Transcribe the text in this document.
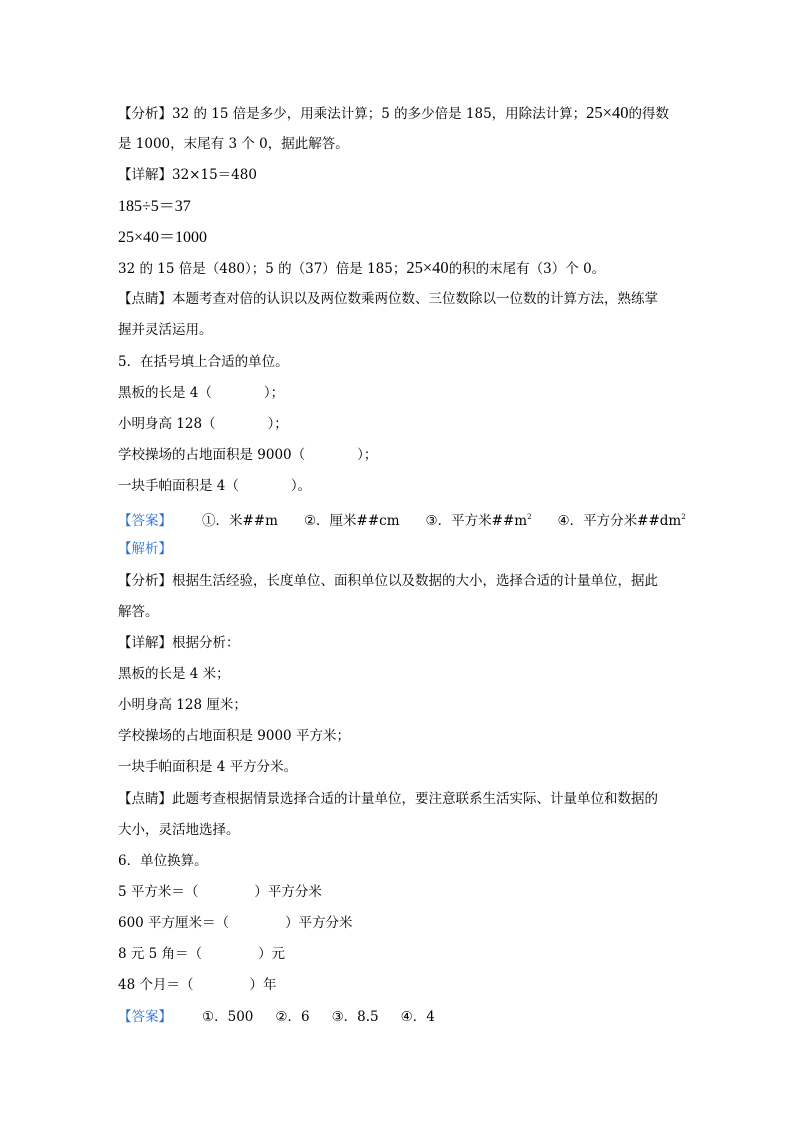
【分析】32 的 15 倍是多少，用乘法计算；5 的多少倍是 185，用除法计算；25×40的得数
是 1000，末尾有 3 个 0，据此解答。
【详解】32×15＝480
185÷5＝37
25×40＝1000
32 的 15 倍是（480）；5 的（37）倍是 185；25×40的积的末尾有（3）个 0。
【点睛】本题考查对倍的认识以及两位数乘两位数、三位数除以一位数的计算方法，熟练掌
握并灵活运用。
5．在括号填上合适的单位。
黑板的长是 4（	）；
小明身高 128（	）；
学校操场的占地面积是 9000（	）；
一块手帕面积是 4（	）。
【答案】 ①．米##m ②．厘米##cm ③．平方米$\#\#m^2$ ④．平方分米$\#\#dm^2$
【解析】
【分析】根据生活经验，长度单位、面积单位以及数据的大小，选择合适的计量单位，据此
解答。
【详解】根据分析：
黑板的长是 4 米；
小明身高 128 厘米；
学校操场的占地面积是 9000 平方米；
一块手帕面积是 4 平方分米。
【点睛】此题考查根据情景选择合适的计量单位，要注意联系生活实际、计量单位和数据的
大小，灵活地选择。
6．单位换算。
5 平方米＝（	）平方分米
600 平方厘米＝（	）平方分米
8 元 5 角＝（	）元
48 个月＝（	）年
【答案】 ①．500 ②．6 ③．8.5 ④．4
